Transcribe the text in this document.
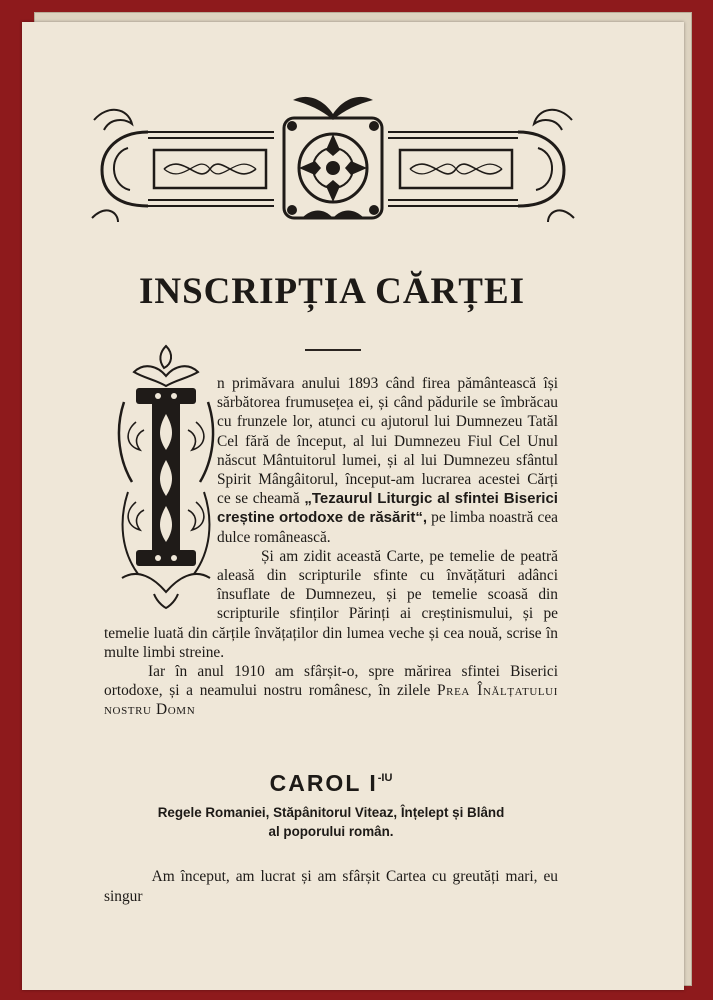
INSCRIPȚIA CĂRȚEI

n primăvara anului 1893 când firea pământească își sărbătorea frumusețea ei, și când pădurile se îmbrăcau cu frunzele lor, atunci cu ajutorul lui Dumnezeu Tatăl Cel fără de început, al lui Dumnezeu Fiul Cel Unul născut Mântuitorul lumei, și al lui Dumnezeu sfântul Spirit Mângâitorul, început-am lucrarea acestei Cărți ce se cheamă „Tezaurul Liturgic al sfintei Biserici creștine ortodoxe de răsărit“, pe limba noastră cea dulce românească.

Și am zidit această Carte, pe temelie de peatră aleasă din scripturile sfinte cu învățături adânci însuflate de Dumnezeu, și pe temelie scoasă din scripturile sfinților Părinți ai creștinismului, și pe temelie luată din cărțile învățaților din lumea veche și cea nouă, scrise în multe limbi streine.

Iar în anul 1910 am sfârșit-o, spre mărirea sfintei Biserici ortodoxe, și a neamului nostru românesc, în zilele Prea Înălțatului nostru Domn

CAROL $I^{-IU}$
Regele Romaniei, Stăpânitorul Viteaz, Înțelept și Blând
al poporului român.

Am început, am lucrat și am sfârșit Cartea cu greutăți mari, eu singur
